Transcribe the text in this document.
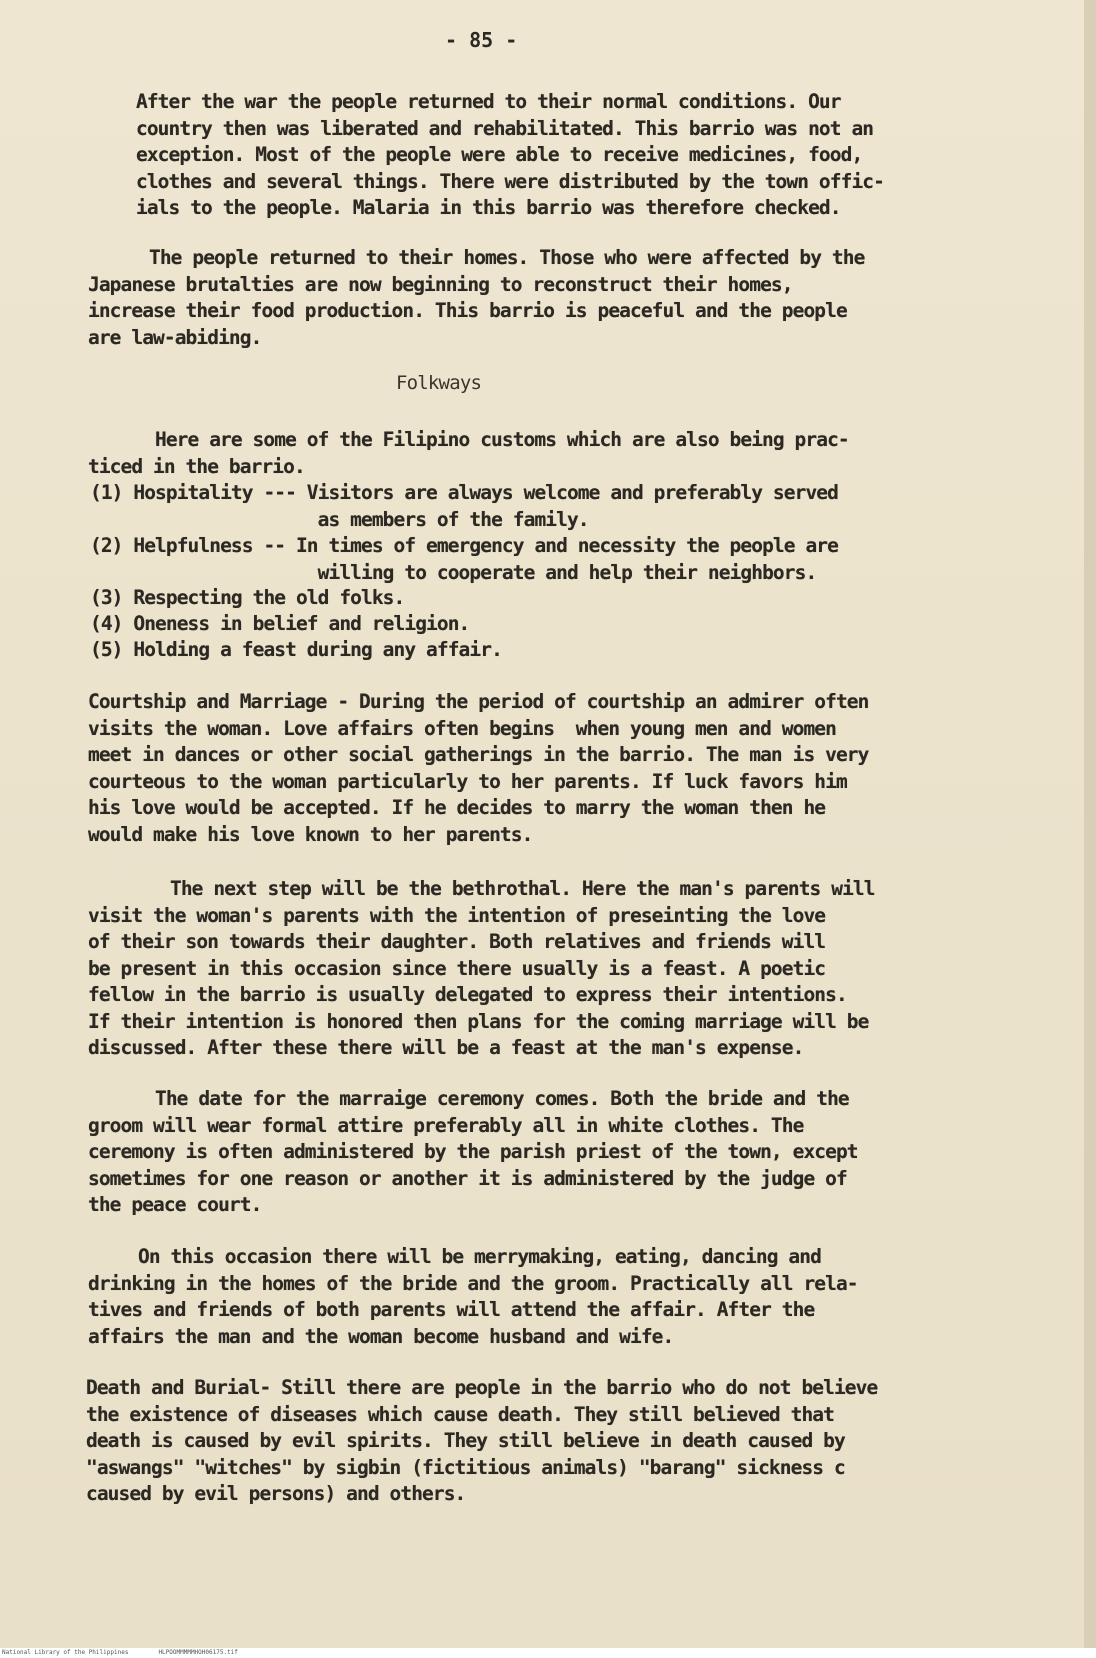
- 85 -
After the war the people returned to their normal conditions. Our
country then was liberated and rehabilitated. This barrio was not an
exception. Most of the people were able to receive medicines, food,
clothes and several things. There were distributed by the town offic-
ials to the people. Malaria in this barrio was therefore checked.
The people returned to their homes. Those who were affected by the
Japanese brutalties are now beginning to reconstruct their homes,
increase their food production. This barrio is peaceful and the people
are law-abiding.
Folkways
Here are some of the Filipino customs which are also being prac-
ticed in the barrio.
(1) Hospitality --- Visitors are always welcome and preferably served
as members of the family.
(2) Helpfulness -- In times of emergency and necessity the people are
willing to cooperate and help their neighbors.
(3) Respecting the old folks.
(4) Oneness in belief and religion.
(5) Holding a feast during any affair.
Courtship and Marriage - During the period of courtship an admirer often
visits the woman. Love affairs often begins  when young men and women
meet in dances or other social gatherings in the barrio. The man is very
courteous to the woman particularly to her parents. If luck favors him
his love would be accepted. If he decides to marry the woman then he
would make his love known to her parents.
The next step will be the bethrothal. Here the man's parents will
visit the woman's parents with the intention of preseinting the love
of their son towards their daughter. Both relatives and friends will
be present in this occasion since there usually is a feast. A poetic
fellow in the barrio is usually delegated to express their intentions.
If their intention is honored then plans for the coming marriage will be
discussed. After these there will be a feast at the man's expense.
The date for the marraige ceremony comes. Both the bride and the
groom will wear formal attire preferably all in white clothes. The
ceremony is often administered by the parish priest of the town, except
sometimes for one reason or another it is administered by the judge of
the peace court.
On this occasion there will be merrymaking, eating, dancing and
drinking in the homes of the bride and the groom. Practically all rela-
tives and friends of both parents will attend the affair. After the
affairs the man and the woman become husband and wife.
Death and Burial- Still there are people in the barrio who do not believe
the existence of diseases which cause death. They still believed that
death is caused by evil spirits. They still believe in death caused by
"aswangs" "witches" by sigbin (fictitious animals) "barang" sickness c
caused by evil persons) and others.
National Library of the Philippines	HLPOOMMMMMHOH06175.tif
